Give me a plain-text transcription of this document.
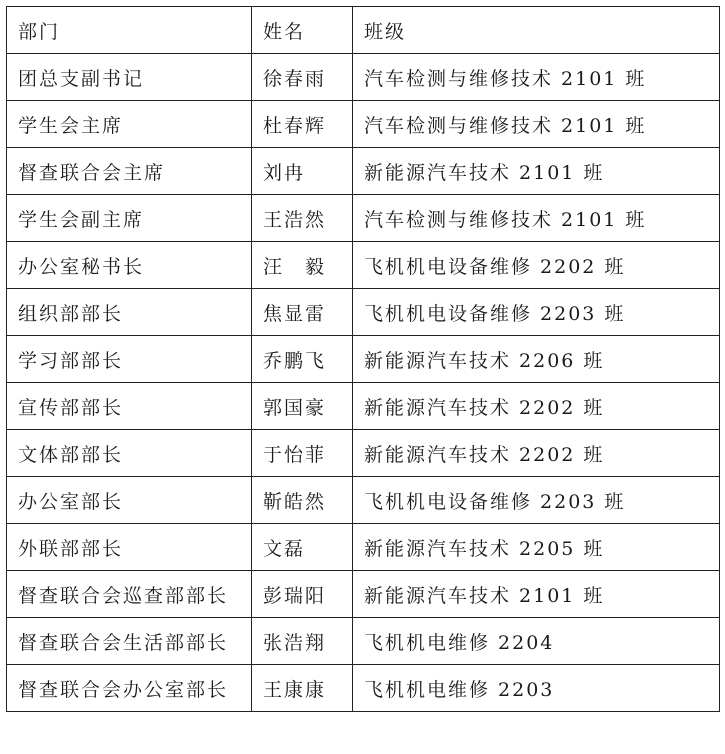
部门	姓名	班级
团总支副书记	徐春雨	汽车检测与维修技术 2101 班
学生会主席	杜春辉	汽车检测与维修技术 2101 班
督查联合会主席	刘冉	新能源汽车技术 2101 班
学生会副主席	王浩然	汽车检测与维修技术 2101 班
办公室秘书长	汪　毅	飞机机电设备维修 2202 班
组织部部长	焦显雷	飞机机电设备维修 2203 班
学习部部长	乔鹏飞	新能源汽车技术 2206 班
宣传部部长	郭国豪	新能源汽车技术 2202 班
文体部部长	于怡菲	新能源汽车技术 2202 班
办公室部长	靳皓然	飞机机电设备维修 2203 班
外联部部长	文磊	新能源汽车技术 2205 班
督查联合会巡查部部长	彭瑞阳	新能源汽车技术 2101 班
督查联合会生活部部长	张浩翔	飞机机电维修 2204
督查联合会办公室部长	王康康	飞机机电维修 2203
